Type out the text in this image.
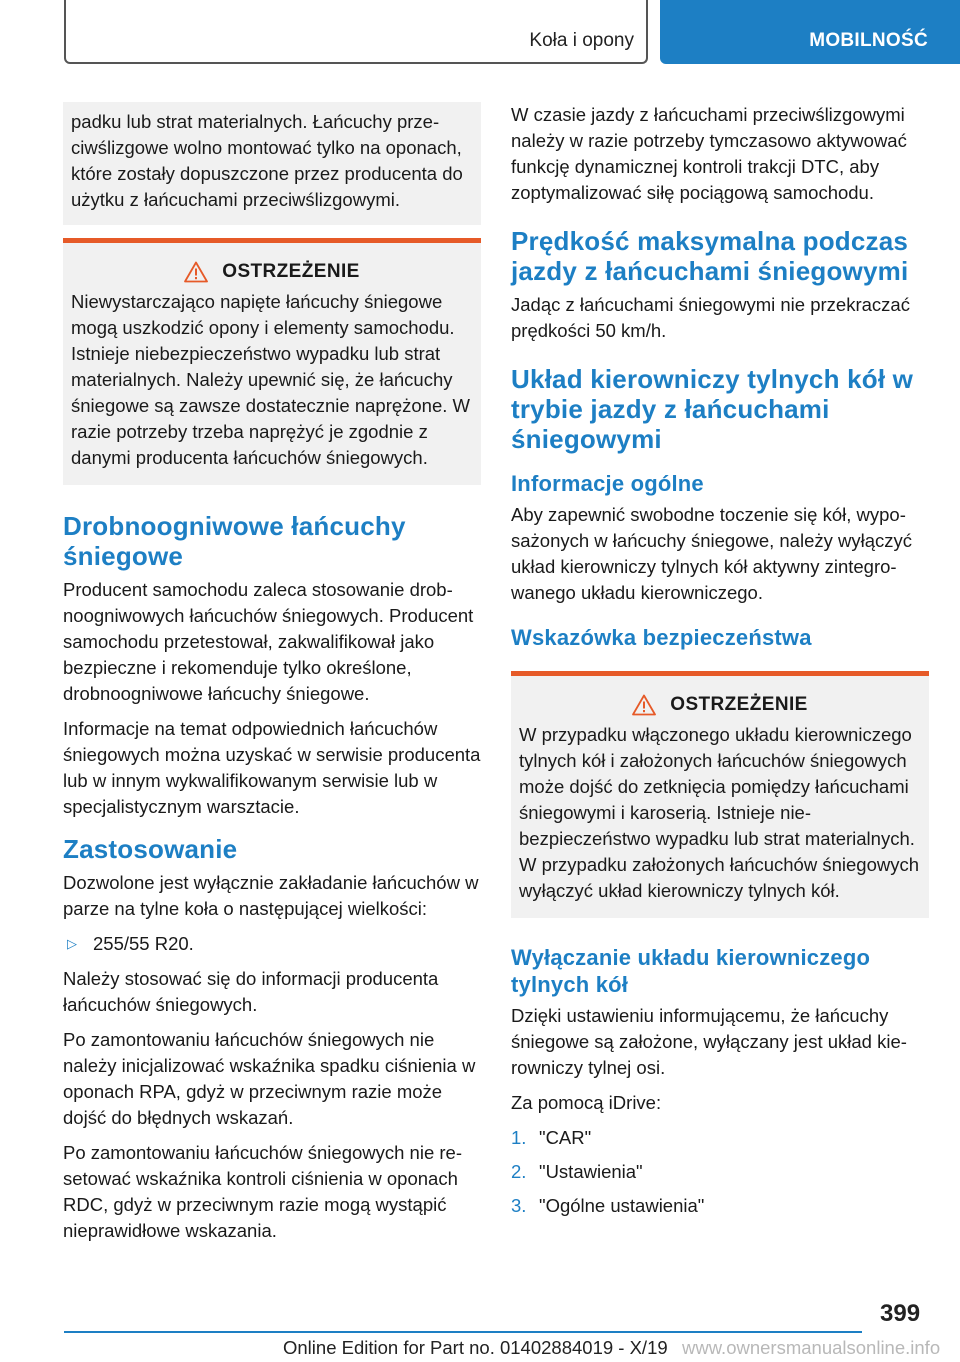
Koła i opony	MOBILNOŚĆ

padku lub strat materialnych. Łańcuchy przeciwślizgowe wolno montować tylko na oponach, które zostały dopuszczone przez producenta do użytku z łańcuchami przeciwślizgowymi.

OSTRZEŻENIE

Niewystarczająco napięte łańcuchy śniegowe mogą uszkodzić opony i elementy samochodu. Istnieje niebezpieczeństwo wypadku lub strat materialnych. Należy upewnić się, że łańcuchy śniegowe są zawsze dostatecznie naprężone. W razie potrzeby trzeba naprężyć je zgodnie z danymi producenta łańcuchów śniegowych.

Drobnoogniwowe łańcuchy śniegowe

Producent samochodu zaleca stosowanie drobnoogniwowych łańcuchów śniegowych. Producent samochodu przetestował, zakwalifikował jako bezpieczne i rekomenduje tylko określone, drobnoogniwowe łańcuchy śniegowe.

Informacje na temat odpowiednich łańcuchów śniegowych można uzyskać w serwisie producenta lub w innym wykwalifikowanym serwisie lub w specjalistycznym warsztacie.

Zastosowanie

Dozwolone jest wyłącznie zakładanie łańcuchów w parze na tylne koła o następującej wielkości:

▷ 255/55 R20.

Należy stosować się do informacji producenta łańcuchów śniegowych.

Po zamontowaniu łańcuchów śniegowych nie należy inicjalizować wskaźnika spadku ciśnienia w oponach RPA, gdyż w przeciwnym razie może dojść do błędnych wskazań.

Po zamontowaniu łańcuchów śniegowych nie resetować wskaźnika kontroli ciśnienia w oponach RDC, gdyż w przeciwnym razie mogą wystąpić nieprawidłowe wskazania.

W czasie jazdy z łańcuchami przeciwślizgowymi należy w razie potrzeby tymczasowo aktywować funkcję dynamicznej kontroli trakcji DTC, aby zoptymalizować siłę pociągową samochodu.

Prędkość maksymalna podczas jazdy z łańcuchami śniegowymi

Jadąc z łańcuchami śniegowymi nie przekraczać prędkości 50 km/h.

Układ kierowniczy tylnych kół w trybie jazdy z łańcuchami śniegowymi
Informacje ogólne

Aby zapewnić swobodne toczenie się kół, wyposażonych w łańcuchy śniegowe, należy wyłączyć układ kierowniczy tylnych kół aktywny zintegrowanego układu kierowniczego.

Wskazówka bezpieczeństwa
OSTRZEŻENIE

W przypadku włączonego układu kierowniczego tylnych kół i założonych łańcuchów śniegowych może dojść do zetknięcia pomiędzy łańcuchami śniegowymi i karoserią. Istnieje niebezpieczeństwo wypadku lub strat materialnych. W przypadku założonych łańcuchów śniegowych wyłączyć układ kierowniczy tylnych kół.

Wyłączanie układu kierowniczego tylnych kół

Dzięki ustawieniu informującemu, że łańcuchy śniegowe są założone, wyłączany jest układ kierowniczy tylnej osi.

Za pomocą iDrive:

1. "CAR"
2. "Ustawienia"
3. "Ogólne ustawienia"
399
Online Edition for Part no. 01402884019 - X/19 www.ownersmanualsonline.info
